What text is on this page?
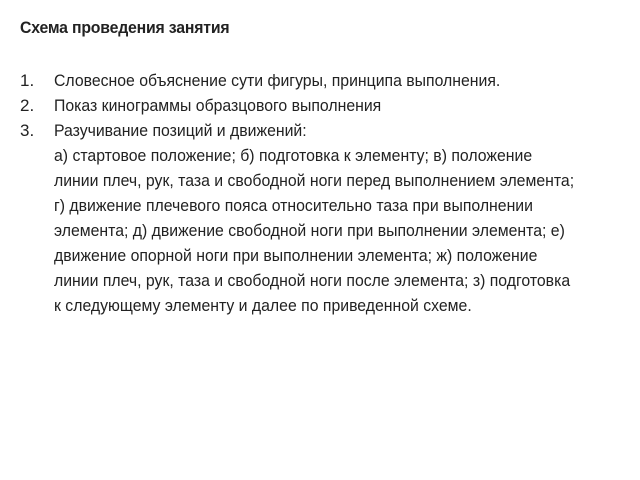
Схема проведения занятия
1.	Словесное объяснение сути фигуры, принципа выполнения.
2.	Показ кинограммы образцового выполнения
3.	Разучивание позиций и движений:
а) стартовое положение; б) подготовка к элементу; в) положение линии плеч, рук, таза и свободной ноги перед выполнением элемента; г) движение плечевого пояса относительно таза при выполнении элемента; д) движение свободной ноги при выполнении элемента; е) движение опорной ноги при выполнении элемента; ж) положение линии плеч, рук, таза и свободной ноги после элемента; з) подготовка к следующему элементу и далее по приведенной схеме.
